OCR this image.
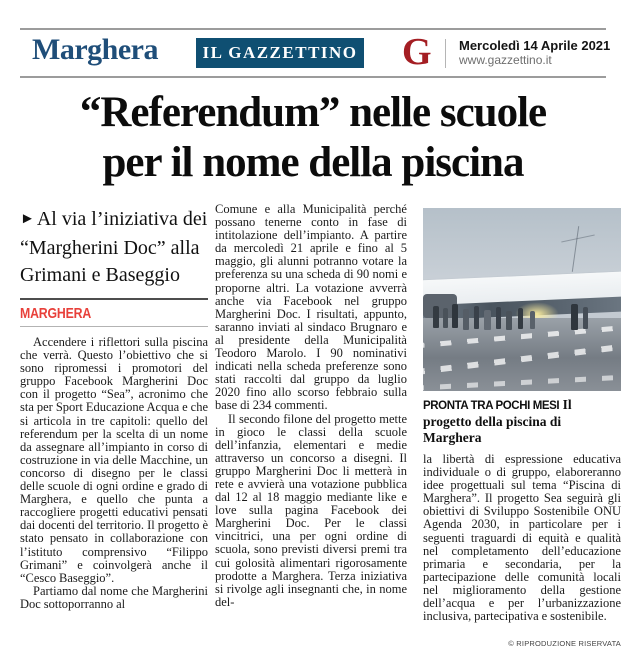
Marghera	IL GAZZETTINO G Mercoledì 14 Aprile 2021
www.gazzettino.it
“Referendum” nelle scuole
per il nome della piscina
► Al via l’iniziativa dei “Margherini Doc” alla Grimani e Baseggio
MARGHERA

Accendere i riflettori sulla piscina che verrà. Questo l’obiettivo che si sono ripromessi i promotori del gruppo Facebook Margherini Doc con il progetto “Sea”, acronimo che sta per Sport Educazione Acqua e che si articola in tre capitoli: quello del referendum per la scelta di un nome da assegnare all’impianto in corso di costruzione in via delle Macchine, un concorso di disegno per le classi delle scuole di ogni ordine e grado di Marghera, e quello che punta a raccogliere progetti educativi pensati dai docenti del territorio. Il progetto è stato pensato in collaborazione con l’istituto comprensivo “Filippo Grimani” e coinvolgerà anche il “Cesco Baseggio”.

Partiamo dal nome che Margherini Doc sottoporranno al

Comune e alla Municipalità perché possano tenerne conto in fase di intitolazione dell’impianto. A partire da mercoledì 21 aprile e fino al 5 maggio, gli alunni potranno votare la preferenza su una scheda di 90 nomi e proporne altri. La votazione avverrà anche via Facebook nel gruppo Margherini Doc. I risultati, appunto, saranno inviati al sindaco Brugnaro e al presidente della Municipalità Teodoro Marolo. I 90 nominativi indicati nella scheda preferenze sono stati raccolti dal gruppo da luglio 2020 fino allo scorso febbraio sulla base di 234 commenti.

Il secondo filone del progetto mette in gioco le classi della scuole dell’infanzia, elementari e medie attraverso un concorso a disegni. Il gruppo Margherini Doc li metterà in rete e avvierà una votazione pubblica dal 12 al 18 maggio mediante like e love sulla pagina Facebook dei Margherini Doc. Per le classi vincitrici, una per ogni ordine di scuola, sono previsti diversi premi tra cui golosità alimentari rigorosamente prodotte a Marghera. Terza iniziativa si rivolge agli insegnanti che, in nome del-

PRONTA TRA POCHI MESI Il progetto della piscina di Marghera

la libertà di espressione educativa individuale o di gruppo, elaboreranno idee progettuali sul tema “Piscina di Marghera”. Il progetto Sea seguirà gli obiettivi di Sviluppo Sostenibile ONU Agenda 2030, in particolare per i seguenti traguardi di equità e qualità nel completamento dell’educazione primaria e secondaria, per la partecipazione delle comunità locali nel miglioramento della gestione dell’acqua e per l’urbanizzazione inclusiva, partecipativa e sostenibile.

© RIPRODUZIONE RISERVATA
